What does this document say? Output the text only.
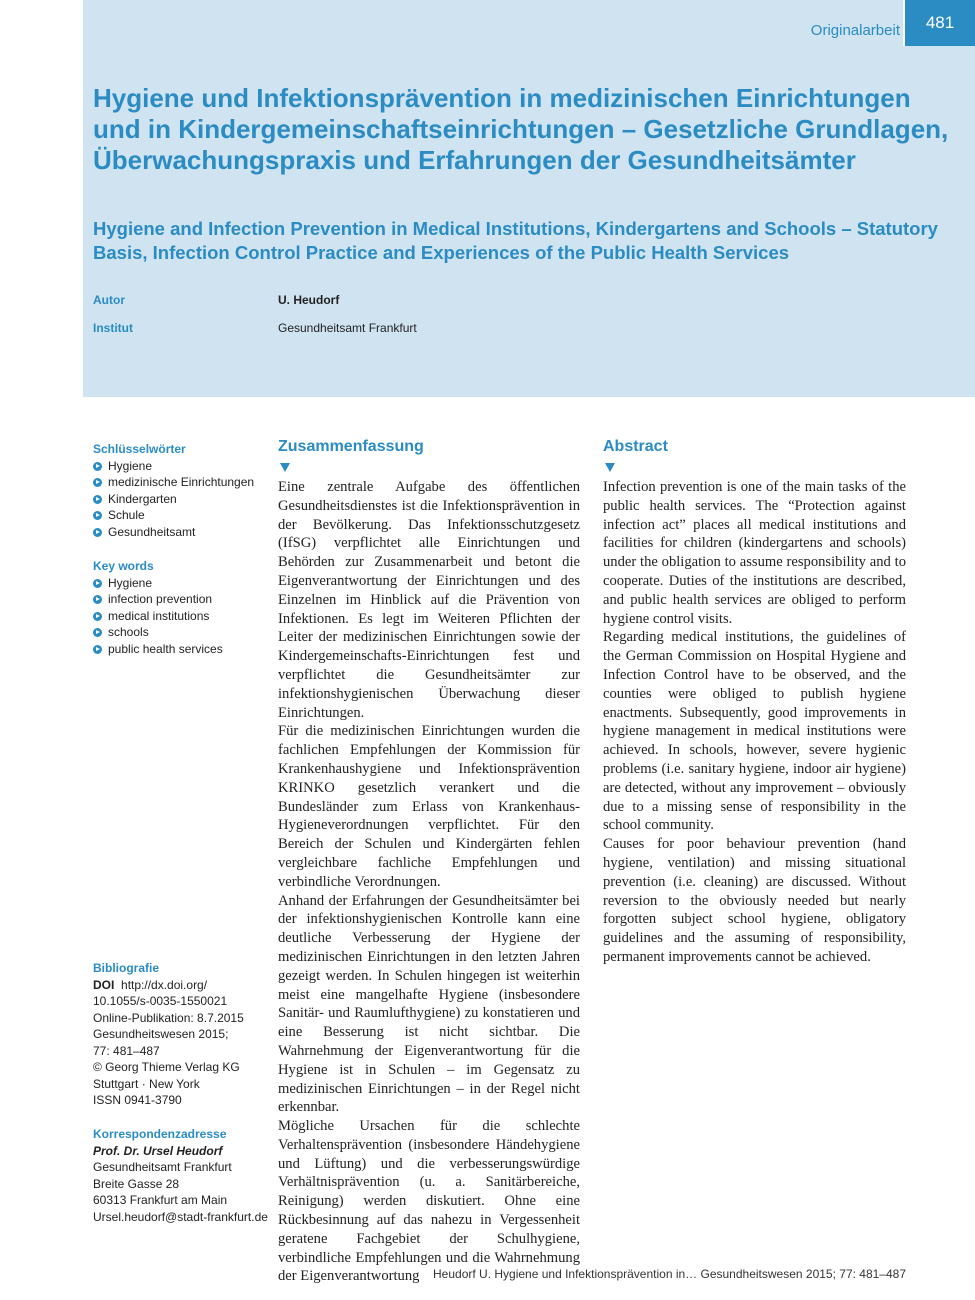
Originalarbeit	481
Hygiene und Infektionsprävention in medizinischen Einrichtungen und in Kindergemeinschaftseinrichtungen – Gesetzliche Grundlagen, Überwachungspraxis und Erfahrungen der Gesundheitsämter
Hygiene and Infection Prevention in Medical Institutions, Kindergartens and Schools – Statutory Basis, Infection Control Practice and Experiences of the Public Health Services
Autor	U. Heudorf
Institut	Gesundheitsamt Frankfurt
Schlüsselwörter
Hygiene
medizinische Einrichtungen
Kindergarten
Schule
Gesundheitsamt
Key words
Hygiene
infection prevention
medical institutions
schools
public health services
Bibliografie
DOI http://dx.doi.org/
10.1055/s-0035-1550021
Online-Publikation: 8.7.2015
Gesundheitswesen 2015;
77: 481–487
© Georg Thieme Verlag KG
Stuttgart · New York
ISSN 0941-3790
Korrespondenzadresse
Prof. Dr. Ursel Heudorf
Gesundheitsamt Frankfurt
Breite Gasse 28
60313 Frankfurt am Main
Ursel.heudorf@stadt-frankfurt.de
Zusammenfassung

Eine zentrale Aufgabe des öffentlichen Gesundheitsdienstes ist die Infektionsprävention in der Bevölkerung. Das Infektionsschutzgesetz (IfSG) verpflichtet alle Einrichtungen und Behörden zur Zusammenarbeit und betont die Eigenverantwortung der Einrichtungen und des Einzelnen im Hinblick auf die Prävention von Infektionen. Es legt im Weiteren Pflichten der Leiter der medizinischen Einrichtungen sowie der Kindergemeinschafts-Einrichtungen fest und verpflichtet die Gesundheitsämter zur infektionshygienischen Überwachung dieser Einrichtungen.

Für die medizinischen Einrichtungen wurden die fachlichen Empfehlungen der Kommission für Krankenhaushygiene und Infektionsprävention KRINKO gesetzlich verankert und die Bundesländer zum Erlass von Krankenhaus-Hygieneverordnungen verpflichtet. Für den Bereich der Schulen und Kindergärten fehlen vergleichbare fachliche Empfehlungen und verbindliche Verordnungen.

Anhand der Erfahrungen der Gesundheitsämter bei der infektionshygienischen Kontrolle kann eine deutliche Verbesserung der Hygiene der medizinischen Einrichtungen in den letzten Jahren gezeigt werden. In Schulen hingegen ist weiterhin meist eine mangelhafte Hygiene (insbesondere Sanitär- und Raumlufthygiene) zu konstatieren und eine Besserung ist nicht sichtbar. Die Wahrnehmung der Eigenverantwortung für die Hygiene ist in Schulen – im Gegensatz zu medizinischen Einrichtungen – in der Regel nicht erkennbar.

Mögliche Ursachen für die schlechte Verhaltensprävention (insbesondere Händehygiene und Lüftung) und die verbesserungswürdige Verhältnisprävention (u. a. Sanitärbereiche, Reinigung) werden diskutiert. Ohne eine Rückbesinnung auf das nahezu in Vergessenheit geratene Fachgebiet der Schulhygiene, verbindliche Empfehlungen und die Wahrnehmung der Eigenverantwortung

Abstract

Infection prevention is one of the main tasks of the public health services. The “Protection against infection act” places all medical institutions and facilities for children (kindergartens and schools) under the obligation to assume responsibility and to cooperate. Duties of the institutions are described, and public health services are obliged to perform hygiene control visits.

Regarding medical institutions, the guidelines of the German Commission on Hospital Hygiene and Infection Control have to be observed, and the counties were obliged to publish hygiene enactments. Subsequently, good improvements in hygiene management in medical institutions were achieved. In schools, however, severe hygienic problems (i.e. sanitary hygiene, indoor air hygiene) are detected, without any improvement – obviously due to a missing sense of responsibility in the school community.

Causes for poor behaviour prevention (hand hygiene, ventilation) and missing situational prevention (i.e. cleaning) are discussed. Without reversion to the obviously needed but nearly forgotten subject school hygiene, obligatory guidelines and the assuming of responsibility, permanent improvements cannot be achieved.

Heudorf U. Hygiene und Infektionsprävention in… Gesundheitswesen 2015; 77: 481–487
